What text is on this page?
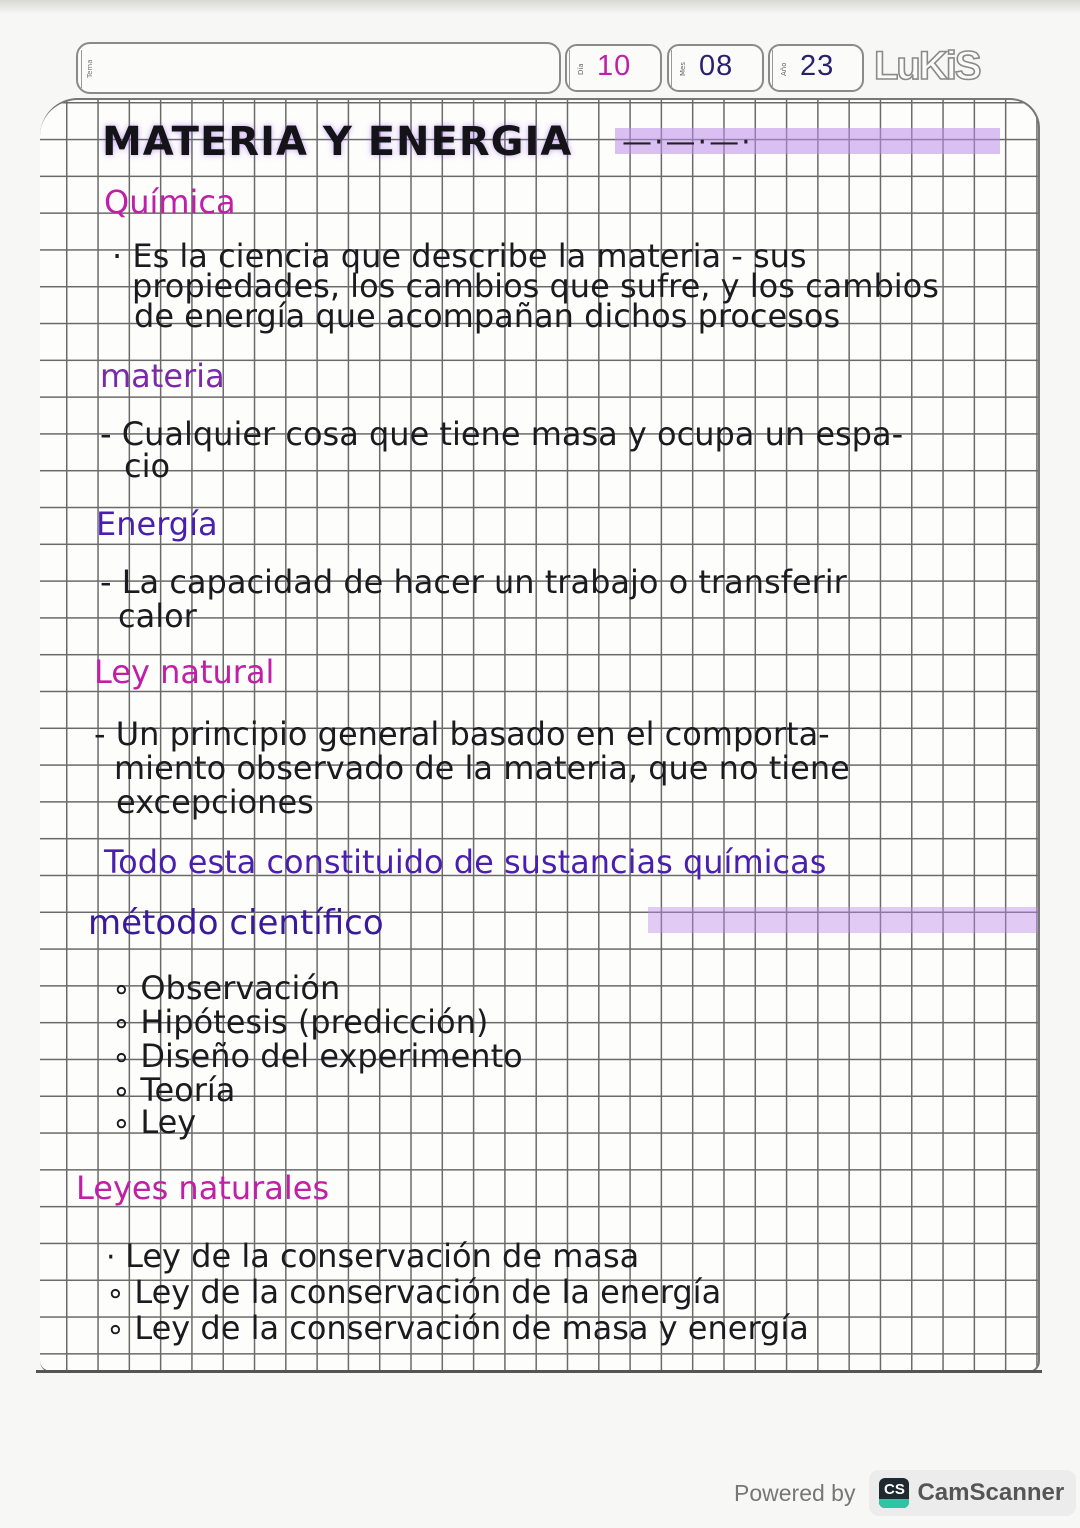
Tema	Día 10	Mes 08	Año 23 LuKiS
MATERIA Y ENERGIA —·—·—·
Química
· Es la ciencia que describe la materia - sus
propiedades, los cambios que sufre, y los cambios
de energía que acompañan dichos procesos
materia
- Cualquier cosa que tiene masa y ocupa un espa-
cio
Energía
- La capacidad de hacer un trabajo o transferir
calor
Ley natural
- Un principio general basado en el comporta-
miento observado de la materia, que no tiene
excepciones
Todo esta constituido de sustancias químicas
método científico
∘ Observación
∘ Hipótesis (predicción)
∘ Diseño del experimento
∘ Teoría
∘ Ley
Leyes naturales
· Ley de la conservación de masa
∘ Ley de la conservación de la energía
∘ Ley de la conservación de masa y energía
Powered by	CS CamScanner
